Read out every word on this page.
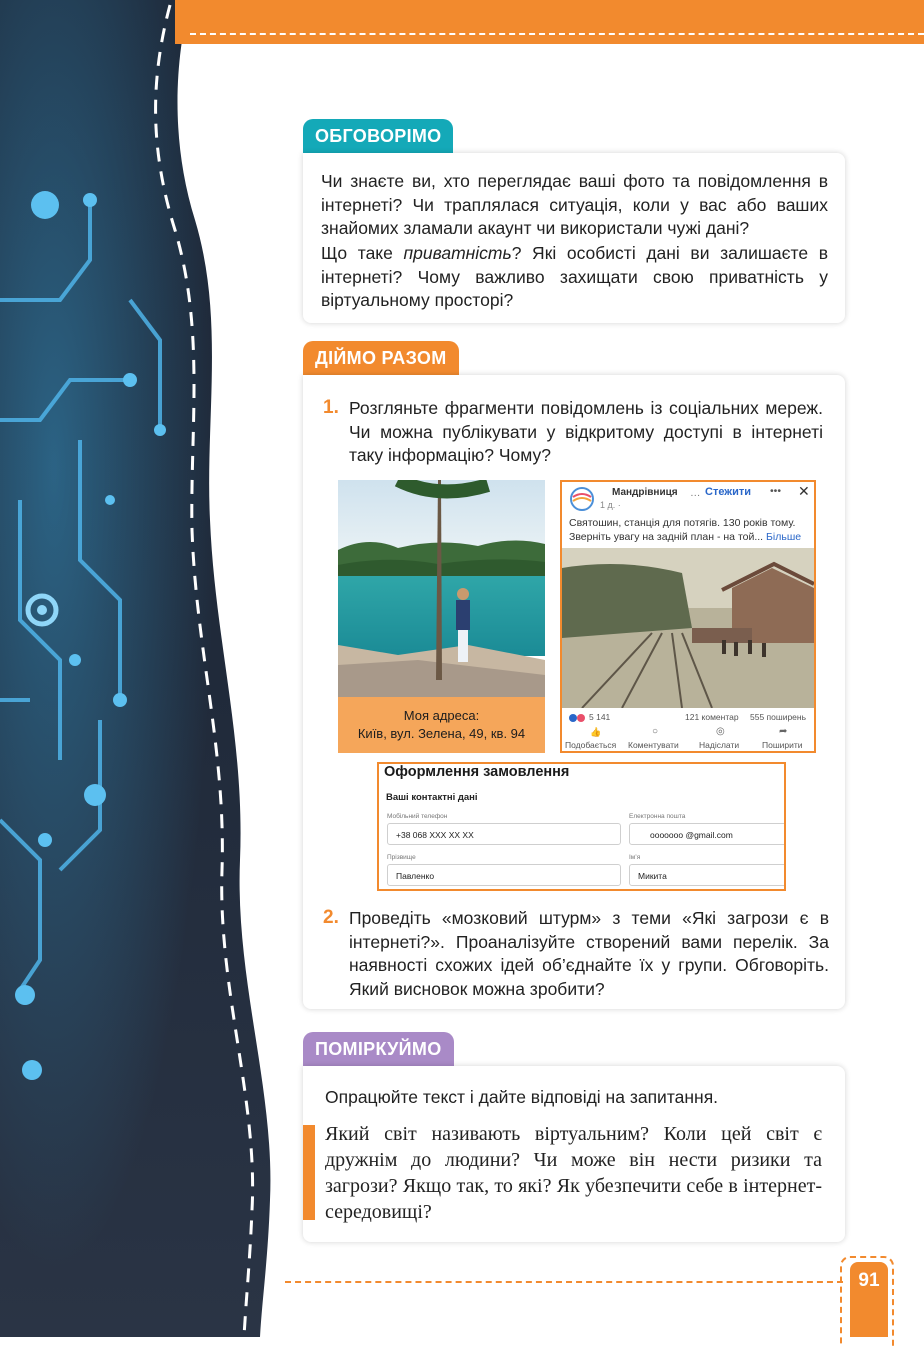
ОБГОВОРІМО
Чи знаєте ви, хто переглядає ваші фото та повідомлення в інтернеті? Чи траплялася ситуація, коли у вас або ваших знайомих зламали акаунт чи використали чужі дані?
Що таке приватність? Які особисті дані ви залишаєте в інтернеті? Чому важливо захищати свою приватність у віртуальному просторі?
ДІЙМО РАЗОМ
1. Розгляньте фрагменти повідомлень із соціальних мереж. Чи можна публікувати у відкритому доступі в інтернеті таку інформацію? Чому?
Моя адреса:
Київ, вул. Зелена, 49, кв. 94
Мандрівниця … Стежити ••• ✕
1 д. ·
Святошин, станція для потягів. 130 років тому.
Зверніть увагу на задній план - на той... Більше
5 141	121 коментар 555 поширень
👍	○	◎	➦
Подобається Коментувати Надіслати	Поширити
Оформлення замовлення
Ваші контактні дані
Мобільний телефон
+38 068 XXX XX XX
Електронна пошта
ooooooo @gmail.com
Прізвище
Павленко
Ім’я
Микита
2. Проведіть «мозковий штурм» з теми «Які загрози є в інтернеті?». Проаналізуйте створений вами перелік. За наявності схожих ідей об’єднайте їх у групи. Обговоріть. Який висновок можна зробити?
ПОМІРКУЙМО
Опрацюйте текст і дайте відповіді на запитання.
Який світ називають віртуальним? Коли цей світ є дружнім до людини? Чи може він нести ризики та загрози? Якщо так, то які? Як убезпечити себе в інтернет-середовищі?
91
